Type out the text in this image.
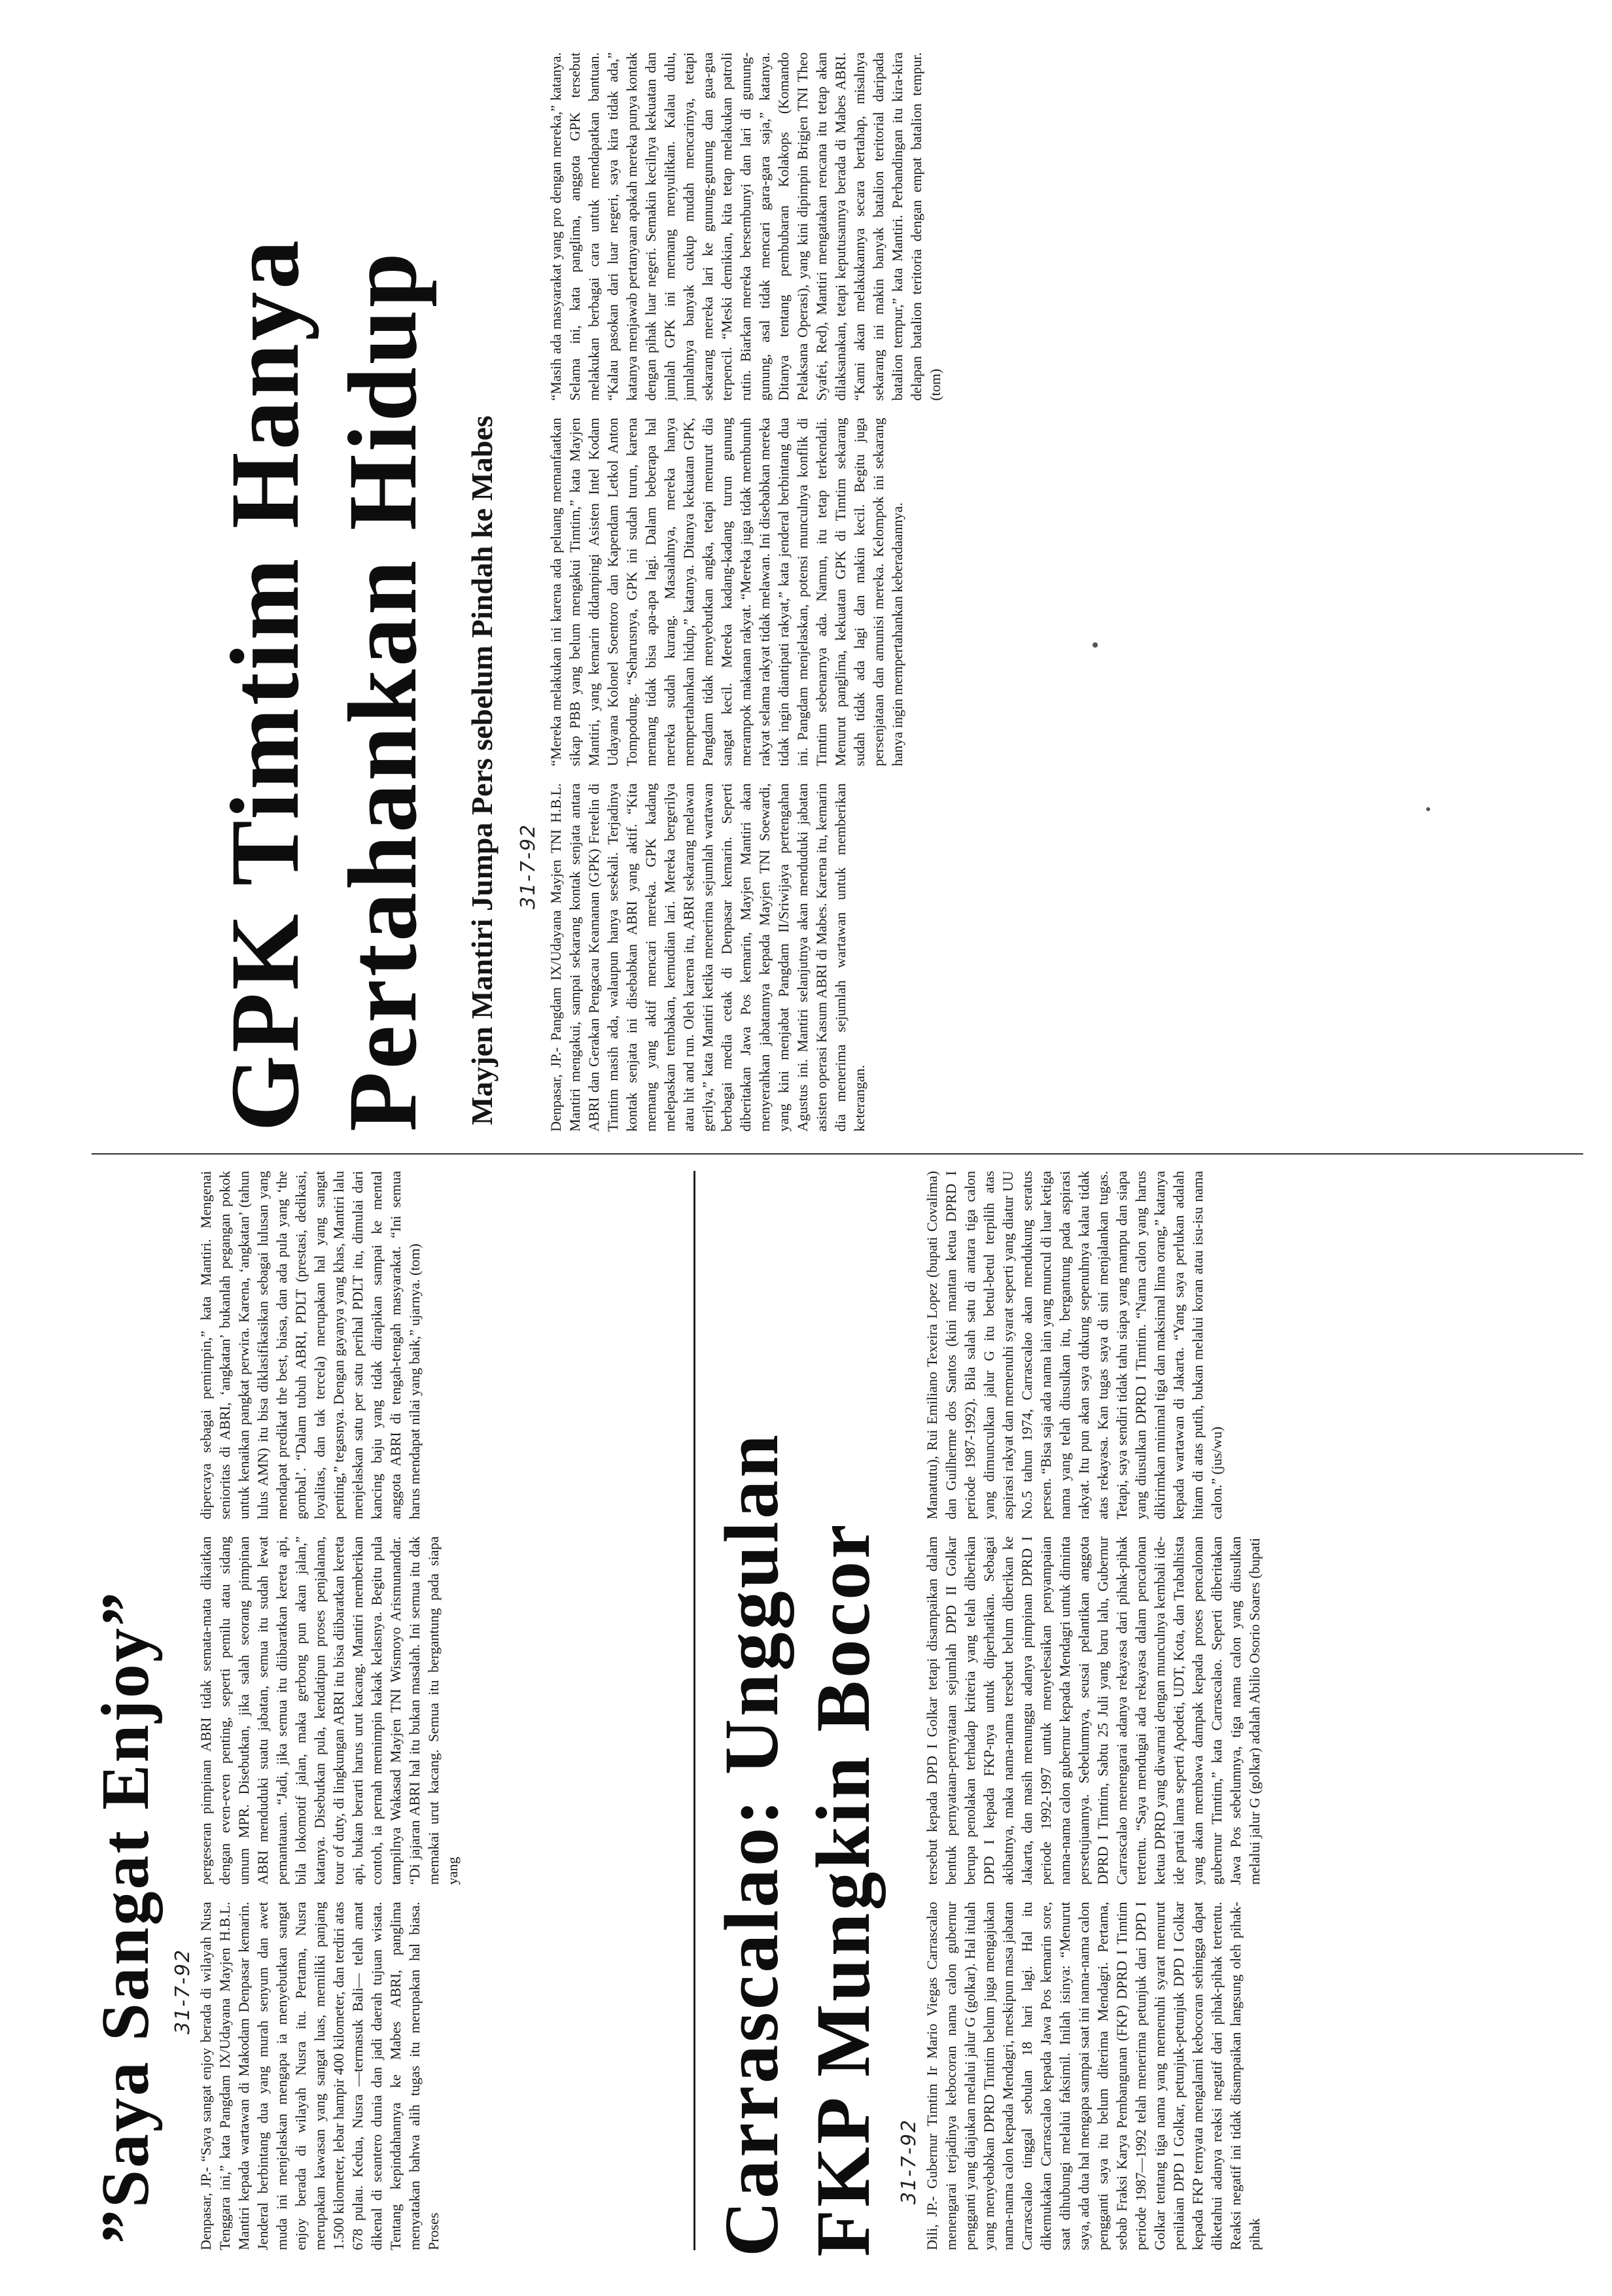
”Saya Sangat Enjoy” 31-7-92 Denpasar, JP.- “Saya sangat enjoy berada di wilayah Nusa Tenggara ini,” kata Pangdam IX/Udayana Mayjen H.B.L. Mantiri kepada wartawan di Makodam Denpasar kemarin. Jenderal berbintang dua yang murah senyum dan awet muda ini menjelaskan mengapa ia menyebutkan sangat enjoy berada di wilayah Nusra itu. Pertama, Nusra merupakan kawasan yang sangat luas, memiliki panjang 1.500 kilometer, lebar hampir 400 kilometer, dan terdiri atas 678 pulau. Kedua, Nusra —termasuk Bali— telah amat dikenal di seantero dunia dan jadi daerah tujuan wisata. Tentang kepindahannya ke Mabes ABRI, panglima menyatakan bahwa alih tugas itu merupakan hal biasa. Proses

pergeseran pimpinan ABRI tidak semata-mata dikaitkan dengan even-even penting, seperti pemilu atau sidang umum MPR. Disebutkan, jika salah seorang pimpinan ABRI menduduki suatu jabatan, semua itu sudah lewat pemantauan. “Jadi, jika semua itu diibaratkan kereta api, bila lokomotif jalan, maka gerbong pun akan jalan,” katanya. Disebutkan pula, kendatipun proses penjalanan, tour of duty, di lingkungan ABRI itu bisa diibaratkan kereta api, bukan berarti harus urut kacang. Mantiri memberikan contoh, ia pernah memimpin kakak kelasnya. Begitu pula tampilnya Wakasad Mayjen TNI Wismoyo Arismunandar. “Di jajaran ABRI hal itu bukan masalah. Ini semua itu dak memakai urut kacang. Semua itu bergantung pada siapa yang

dipercaya sebagai pemimpin,” kata Mantiri. Mengenai senioritas di ABRI, ‘angkatan’ bukanlah pegangan pokok untuk kenaikan pangkat perwira. Karena, ‘angkatan’ (tahun lulus AMN) itu bisa diklasifikasikan sebagai lulusan yang mendapat predikat the best, biasa, dan ada pula yang ‘the gombal’. “Dalam tubuh ABRI, PDLT (prestasi, dedikasi, loyalitas, dan tak tercela) merupakan hal yang sangat penting,” tegasnya. Dengan gayanya yang khas, Mantiri lalu menjelaskan satu per satu perihal PDLT itu, dimulai dari kancing baju yang tidak dirapikan sampai ke mental anggota ABRI di tengah-tengah masyarakat. “Ini semua harus mendapat nilai yang baik,” ujarnya. (tom)

Carrascalao: Unggulan FKP Mungkin Bocor 31-7-92 Dili, JP.- Gubernur Timtim Ir Mario Viegas Carrascalao menengarai terjadinya kebocoran nama calon gubernur pengganti yang diajukan melalui jalur G (golkar). Hal itulah yang menyebabkan DPRD Timtim belum juga mengajukan nama-nama calon kepada Mendagri, meskipun masa jabatan Carrascalao tinggal sebulan 18 hari lagi. Hal itu dikemukakan Carrascalao kepada Jawa Pos kemarin sore, saat dihubungi melalui faksimil. Inilah isinya: “Menurut saya, ada dua hal mengapa sampai saat ini nama-nama calon pengganti saya itu belum diterima Mendagri. Pertama, sebab Fraksi Karya Pembangunan (FKP) DPRD I Timtim periode 1987—1992 telah menerima petunjuk dari DPD I Golkar tentang tiga nama yang memenuhi syarat menurut penilaian DPD I Golkar, petunjuk-petunjuk DPD I Golkar kepada FKP ternyata mengalami kebocoran sehingga dapat diketahui adanya reaksi negatif dari pihak-pihak tertentu. Reaksi negatif ini tidak disampaikan langsung oleh pihak-pihak

tersebut kepada DPD I Golkar tetapi disampaikan dalam bentuk pernyataan-pernyataan sejumlah DPD II Golkar berupa penolakan terhadap kriteria yang telah diberikan DPD I kepada FKP-nya untuk diperhatikan. Sebagai akibatnya, maka nama-nama tersebut belum diberikan ke Jakarta, dan masih menunggu adanya pimpinan DPRD I periode 1992-1997 untuk menyelesaikan penyampaian nama-nama calon gubernur kepada Mendagri untuk diminta persetujuannya. Sebelumnya, seusai pelantikan anggota DPRD I Timtim, Sabtu 25 Juli yang baru lalu, Gubernur Carrascalao menengarai adanya rekayasa dari pihak-pihak tertentu. “Saya mendugai ada rekayasa dalam pencalonan ketua DPRD yang diwarnai dengan munculnya kembali ide-ide partai lama seperti Apodeti, UDT, Kota, dan Trabalhista yang akan membawa dampak kepada proses pencalonan gubernur Timtim,” kata Carrascalao. Seperti diberitakan Jawa Pos sebelumnya, tiga nama calon yang diusulkan melalui jalur G (golkar) adalah Abilio Osorio Soares (bupati

Manatutu), Rui Emiliano Texeira Lopez (bupati Covalima) dan Guilherme dos Santos (kini mantan ketua DPRD I periode 1987-1992). Bila salah satu di antara tiga calon yang dimunculkan jalur G itu betul-betul terpilih atas aspirasi rakyat dan memenuhi syarat seperti yang diatur UU No.5 tahun 1974, Carrascalao akan mendukung seratus persen. “Bisa saja ada nama lain yang muncul di luar ketiga nama yang telah diusulkan itu, bergantung pada aspirasi rakyat. Itu pun akan saya dukung sepenuhnya kalau tidak atas rekayasa. Kan tugas saya di sini menjalankan tugas. Tetapi, saya sendiri tidak tahu siapa yang mampu dan siapa yang diusulkan DPRD I Timtim. “Nama calon yang harus dikirimkan minimal tiga dan maksimal lima orang,” katanya kepada wartawan di Jakarta. “Yang saya perlukan adalah hitam di atas putih, bukan melalui koran atau isu-isu nama calon.” (jus/wu)

GPK Timtim Hanya Pertahankan Hidup Mayjen Mantiri Jumpa Pers sebelum Pindah ke Mabes 31-7-92 Denpasar, JP.- Pangdam IX/Udayana Mayjen TNI H.B.L. Mantiri mengakui, sampai sekarang kontak senjata antara ABRI dan Gerakan Pengacau Keamanan (GPK) Fretelin di Timtim masih ada, walaupun hanya sesekali. Terjadinya kontak senjata ini disebabkan ABRI yang aktif. “Kita memang yang aktif mencari mereka. GPK kadang melepaskan tembakan, kemudian lari. Mereka bergerilya atau hit and run. Oleh karena itu, ABRI sekarang melawan gerilya,” kata Mantiri ketika menerima sejumlah wartawan berbagai media cetak di Denpasar kemarin. Seperti diberitakan Jawa Pos kemarin, Mayjen Mantiri akan menyerahkan jabatannya kepada Mayjen TNI Soewardi, yang kini menjabat Pangdam II/Sriwijaya pertengahan Agustus ini. Mantiri selanjutnya akan menduduki jabatan asisten operasi Kasum ABRI di Mabes. Karena itu, kemarin dia menerima sejumlah wartawan untuk memberikan keterangan.

“Mereka melakukan ini karena ada peluang memanfaatkan sikap PBB yang belum mengakui Timtim,” kata Mayjen Mantiri, yang kemarin didampingi Asisten Intel Kodam Udayana Kolonel Soentoro dan Kapendam Letkol Anton Tompodung. “Seharusnya, GPK ini sudah turun, karena memang tidak bisa apa-apa lagi. Dalam beberapa hal mereka sudah kurang. Masalahnya, mereka hanya mempertahankan hidup,” katanya. Ditanya kekuatan GPK, Pangdam tidak menyebutkan angka, tetapi menurut dia sangat kecil. Mereka kadang-kadang turun gunung merampok makanan rakyat. “Mereka juga tidak membunuh rakyat selama rakyat tidak melawan. Ini disebabkan mereka tidak ingin diantipati rakyat,” kata jenderal berbintang dua ini. Pangdam menjelaskan, potensi munculnya konflik di Timtim sebenarnya ada. Namun, itu tetap terkendali. Menurut panglima, kekuatan GPK di Timtim sekarang sudah tidak ada lagi dan makin kecil. Begitu juga persenjataan dan amunisi mereka. Kelompok ini sekarang hanya ingin mempertahankan keberadaannya.

“Masih ada masyarakat yang pro dengan mereka,” katanya. Selama ini, kata panglima, anggota GPK tersebut melakukan berbagai cara untuk mendapatkan bantuan. “Kalau pasokan dari luar negeri, saya kira tidak ada,” katanya menjawab pertanyaan apakah mereka punya kontak dengan pihak luar negeri. Semakin kecilnya kekuatan dan jumlah GPK ini memang menyulitkan. Kalau dulu, jumlahnya banyak cukup mudah mencarinya, tetapi sekarang mereka lari ke gunung-gunung dan gua-gua terpencil. “Meski demikian, kita tetap melakukan patroli rutin. Biarkan mereka bersembunyi dan lari di gunung-gunung, asal tidak mencari gara-gara saja,” katanya. Ditanya tentang pembubaran Kolakops (Komando Pelaksana Operasi), yang kini dipimpin Brigjen TNI Theo Syafei, Red), Mantiri mengatakan rencana itu tetap akan dilaksanakan, tetapi keputusannya berada di Mabes ABRI. “Kami akan melakukannya secara bertahap, misalnya sekarang ini makin banyak batalion teritorial daripada batalion tempur,” kata Mantiri. Perbandingan itu kira-kira delapan batalion teritoria dengan empat batalion tempur. (tom)
